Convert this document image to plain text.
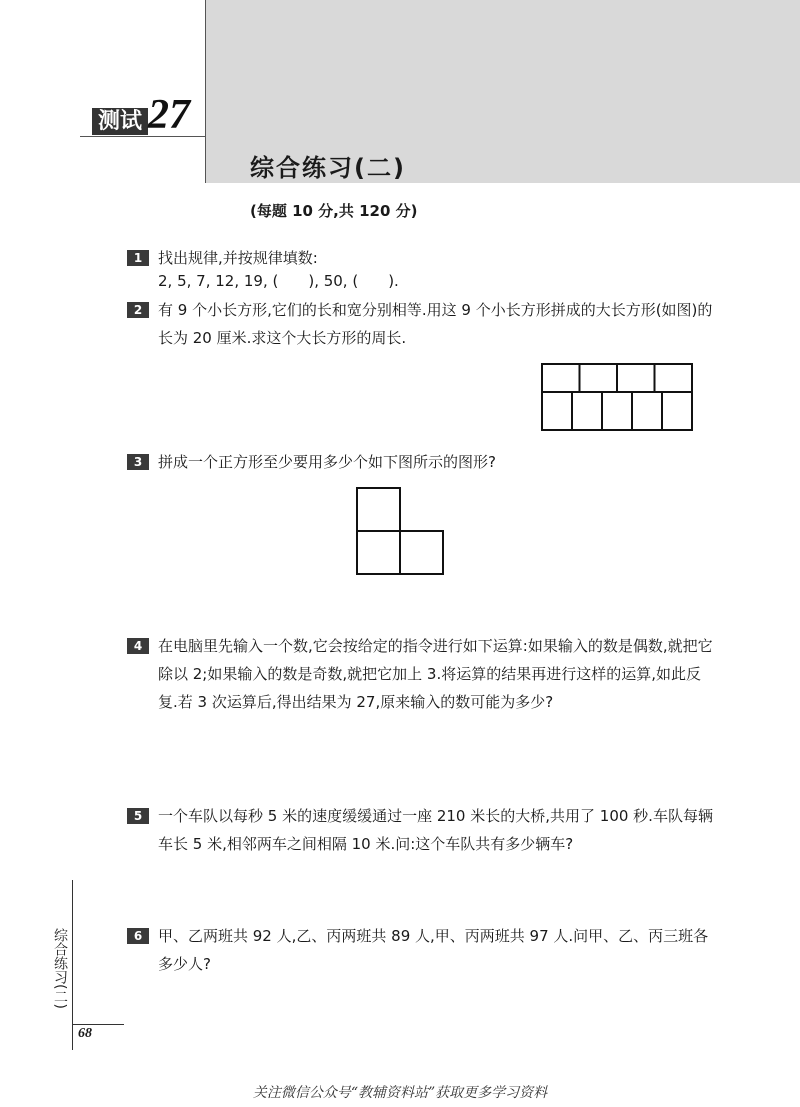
测试 27
综合练习(二)
(每题 10 分,共 120 分)
1	找出规律,并按规律填数:
2, 5, 7, 12, 19, (　　), 50, (　　).
2	有 9 个小长方形,它们的长和宽分别相等.用这 9 个小长方形拼成的大长方形(如图)的长为 20 厘米.求这个大长方形的周长.
3	拼成一个正方形至少要用多少个如下图所示的图形?
4	在电脑里先输入一个数,它会按给定的指令进行如下运算:如果输入的数是偶数,就把它除以 2;如果输入的数是奇数,就把它加上 3.将运算的结果再进行这样的运算,如此反复.若 3 次运算后,得出结果为 27,原来输入的数可能为多少?
5	一个车队以每秒 5 米的速度缓缓通过一座 210 米长的大桥,共用了 100 秒.车队每辆车长 5 米,相邻两车之间相隔 10 米.问:这个车队共有多少辆车?
6	甲、乙两班共 92 人,乙、丙两班共 89 人,甲、丙两班共 97 人.问甲、乙、丙三班各多少人?
综合练习(二)
68
关注微信公众号“教辅资料站”获取更多学习资料
